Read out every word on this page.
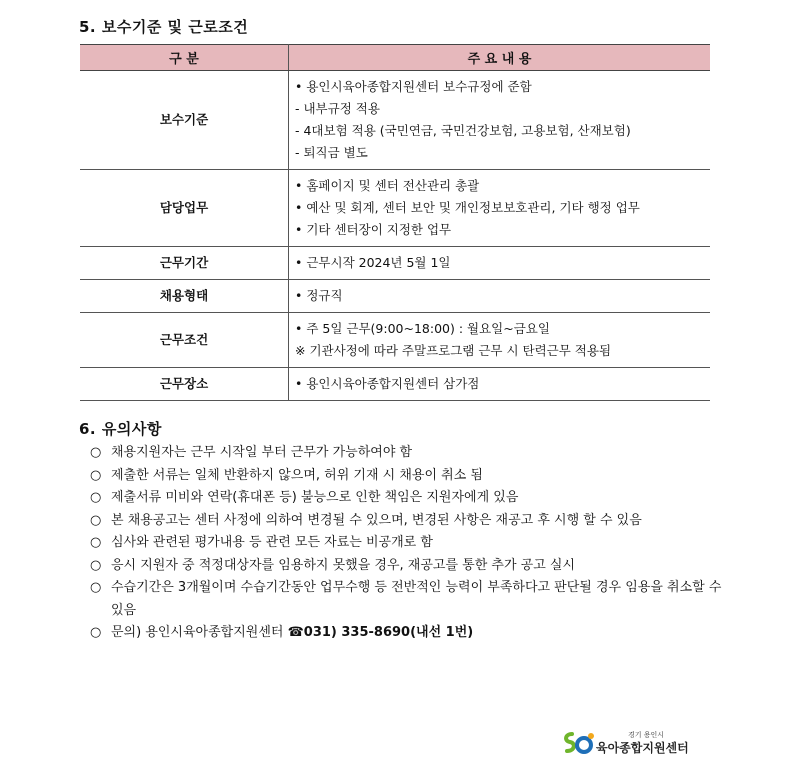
5. 보수기준 및 근로조건
구 분	주 요 내 용
보수기준	• 용인시육아종합지원센터 보수규정에 준함
- 내부규정 적용
- 4대보험 적용 (국민연금, 국민건강보험, 고용보험, 산재보험)
- 퇴직금 별도

담당업무	• 홈페이지 및 센터 전산관리 총괄
• 예산 및 회계, 센터 보안 및 개인정보보호관리, 기타 행정 업무
• 기타 센터장이 지정한 업무

근무기간	• 근무시작 2024년 5월 1일

채용형태	• 정규직

근무조건	• 주 5일 근무(9:00~18:00) : 월요일~금요일
※ 기관사정에 따라 주말프로그램 근무 시 탄력근무 적용됨

근무장소	• 용인시육아종합지원센터 삼가점
6. 유의사항
○ 채용지원자는 근무 시작일 부터 근무가 가능하여야 함
○ 제출한 서류는 일체 반환하지 않으며, 허위 기재 시 채용이 취소 됨
○ 제출서류 미비와 연락(휴대폰 등) 불능으로 인한 책임은 지원자에게 있음
○ 본 채용공고는 센터 사정에 의하여 변경될 수 있으며, 변경된 사항은 재공고 후 시행 할 수 있음
○ 심사와 관련된 평가내용 등 관련 모든 자료는 비공개로 함
○ 응시 지원자 중 적정대상자를 임용하지 못했을 경우, 재공고를 통한 추가 공고 실시
○ 수습기간은 3개월이며 수습기간동안 업무수행 등 전반적인 능력이 부족하다고 판단될 경우 임용을 취소할 수 있음
○ 문의) 용인시육아종합지원센터 ☎031) 335-8690(내선 1번)
경기 용인시
육아종합지원센터
